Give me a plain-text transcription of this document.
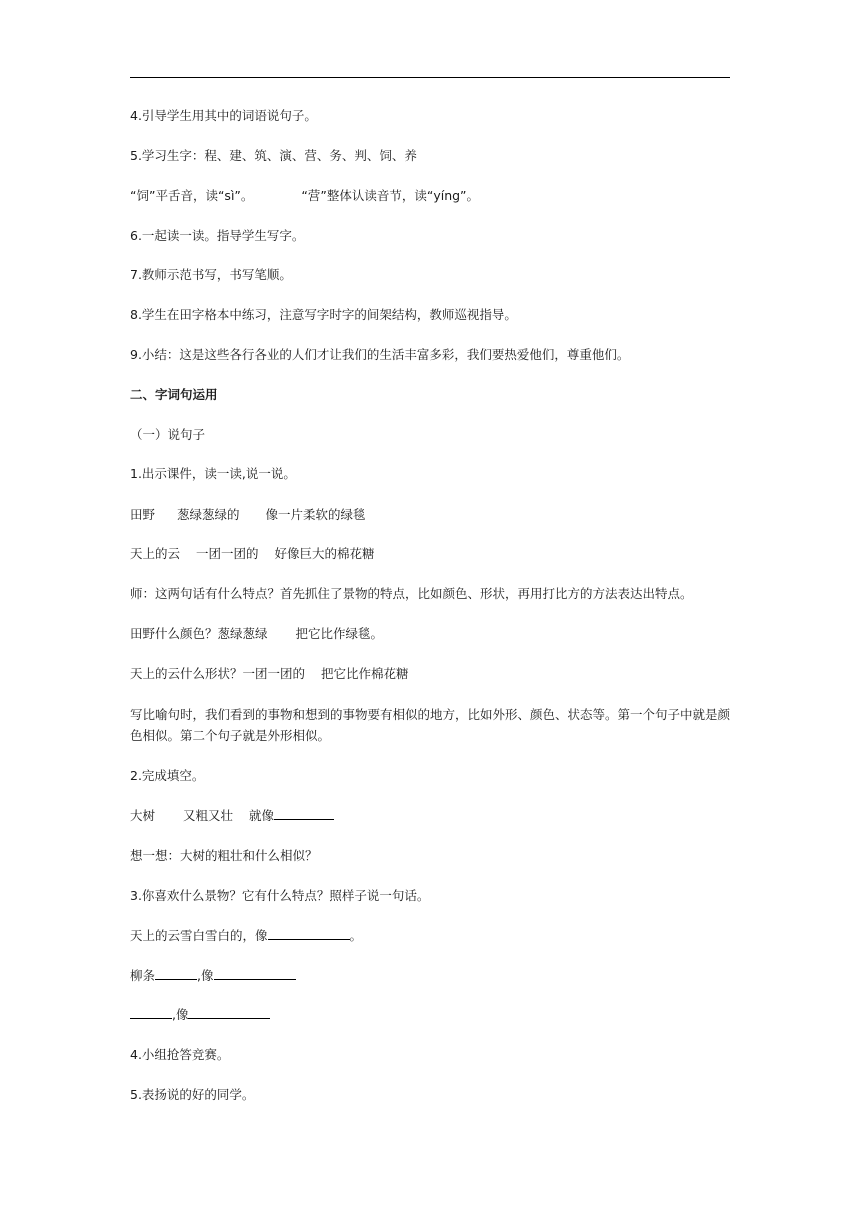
4.引导学生用其中的词语说句子。
5.学习生字：程、建、筑、演、营、务、判、饲、养
“饲”平舌音，读“sì”。	“营”整体认读音节，读“yíng”。
6.一起读一读。指导学生写字。
7.教师示范书写，书写笔顺。
8.学生在田字格本中练习，注意写字时字的间架结构，教师巡视指导。
9.小结：这是这些各行各业的人们才让我们的生活丰富多彩，我们要热爱他们，尊重他们。
二、字词句运用
（一）说句子
1.出示课件，读一读,说一说。
田野 葱绿葱绿的 像一片柔软的绿毯
天上的云 一团一团的 好像巨大的棉花糖
师：这两句话有什么特点？首先抓住了景物的特点，比如颜色、形状，再用打比方的方法表达出特点。
田野什么颜色？葱绿葱绿 把它比作绿毯。
天上的云什么形状？一团一团的 把它比作棉花糖
写比喻句时，我们看到的事物和想到的事物要有相似的地方，比如外形、颜色、状态等。第一个句子中就是颜色相似。第二个句子就是外形相似。
2.完成填空。
大树 又粗又壮 就像
想一想：大树的粗壮和什么相似？
3.你喜欢什么景物？它有什么特点？照样子说一句话。
天上的云雪白雪白的，像	。
柳条	,像
,像
4.小组抢答竞赛。
5.表扬说的好的同学。
